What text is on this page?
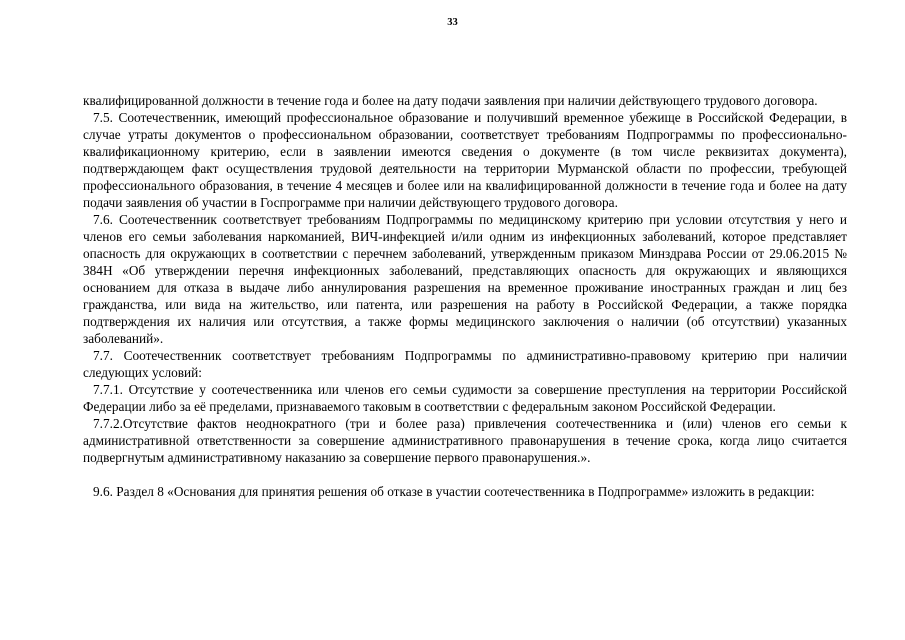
33

квалифицированной должности в течение года и более на дату подачи заявления при наличии действующего трудового договора.

7.5. Соотечественник, имеющий профессиональное образование и получивший временное убежище в Российской Федерации, в случае утраты документов о профессиональном образовании, соответствует требованиям Подпрограммы по профессионально-квалификационному критерию, если в заявлении имеются сведения о документе (в том числе реквизитах документа), подтверждающем факт осуществления трудовой деятельности на территории Мурманской области по профессии, требующей профессионального образования, в течение 4 месяцев и более или на квалифицированной должности в течение года и более на дату подачи заявления об участии в Госпрограмме при наличии действующего трудового договора.

7.6. Соотечественник соответствует требованиям Подпрограммы по медицинскому критерию при условии отсутствия у него и членов его семьи заболевания наркоманией, ВИЧ-инфекцией и/или одним из инфекционных заболеваний, которое представляет опасность для окружающих в соответствии с перечнем заболеваний, утвержденным приказом Минздрава России от 29.06.2015 № 384Н «Об утверждении перечня инфекционных заболеваний, представляющих опасность для окружающих и являющихся основанием для отказа в выдаче либо аннулирования разрешения на временное проживание иностранных граждан и лиц без гражданства, или вида на жительство, или патента, или разрешения на работу в Российской Федерации, а также порядка подтверждения их наличия или отсутствия, а также формы медицинского заключения о наличии (об отсутствии) указанных заболеваний».

7.7. Соотечественник соответствует требованиям Подпрограммы по административно-правовому критерию при наличии следующих условий:

7.7.1. Отсутствие у соотечественника или членов его семьи судимости за совершение преступления на территории Российской Федерации либо за её пределами, признаваемого таковым в соответствии с федеральным законом Российской Федерации.

7.7.2.Отсутствие фактов неоднократного (три и более раза) привлечения соотечественника и (или) членов его семьи к административной ответственности за совершение административного правонарушения в течение срока, когда лицо считается подвергнутым административному наказанию за совершение первого правонарушения.».

9.6. Раздел 8 «Основания для принятия решения об отказе в участии соотечественника в Подпрограмме» изложить в редакции:
